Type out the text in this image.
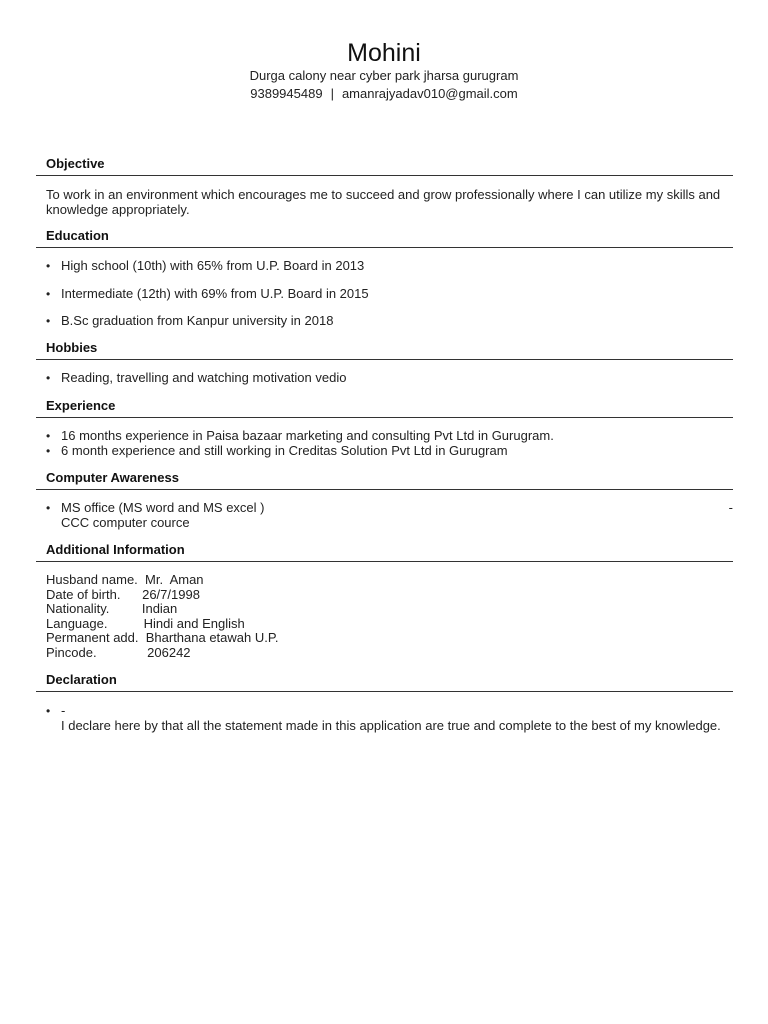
Mohini
Durga calony near cyber park jharsa gurugram
9389945489 | amanrajyadav010@gmail.com
Objective
To work in an environment which encourages me to succeed and grow professionally where I can utilize my skills and knowledge appropriately.
Education
• High school (10th) with 65% from U.P. Board in 2013
• Intermediate (12th) with 69% from U.P. Board in 2015
• B.Sc graduation from Kanpur university in 2018
Hobbies
• Reading, travelling and watching motivation vedio
Experience
• 16 months experience in Paisa bazaar marketing and consulting Pvt Ltd in Gurugram.
• 6 month experience and still working in Creditas Solution Pvt Ltd in Gurugram
Computer Awareness
• MS office (MS word and MS excel )	-
CCC computer cource
Additional Information
Husband name.  Mr.  Aman
Date of birth.      26/7/1998
Nationality.         Indian
Language.          Hindi and English
Permanent add.  Bharthana etawah U.P.
Pincode.              206242
Declaration
• -
I declare here by that all the statement made in this application are true and complete to the best of my knowledge.
